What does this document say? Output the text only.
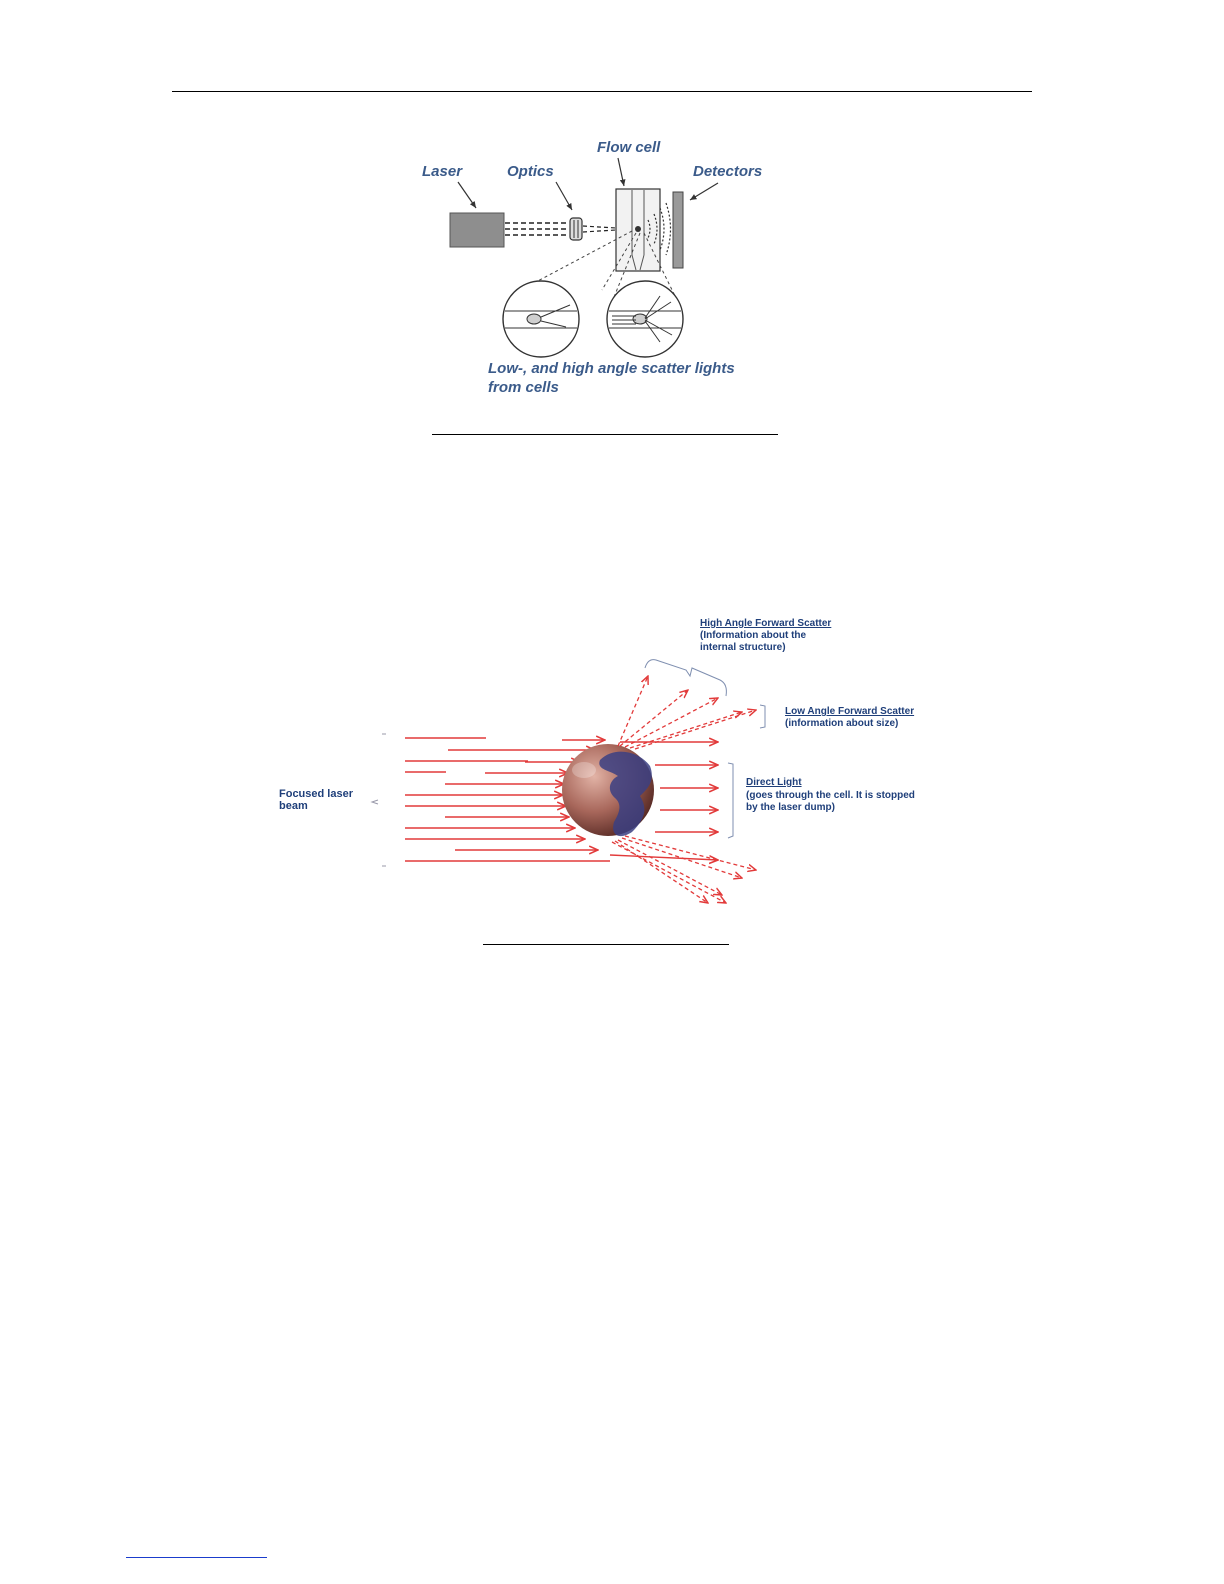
Laser	Optics
Flow cell
Detectors
Low-, and high angle scatter lights
from cells
High Angle Forward Scatter
(Information about the
internal structure)
Low Angle Forward Scatter
(information about size)
Direct Light
(goes through the cell. It is stopped
by the laser dump)
Focused laser
beam
